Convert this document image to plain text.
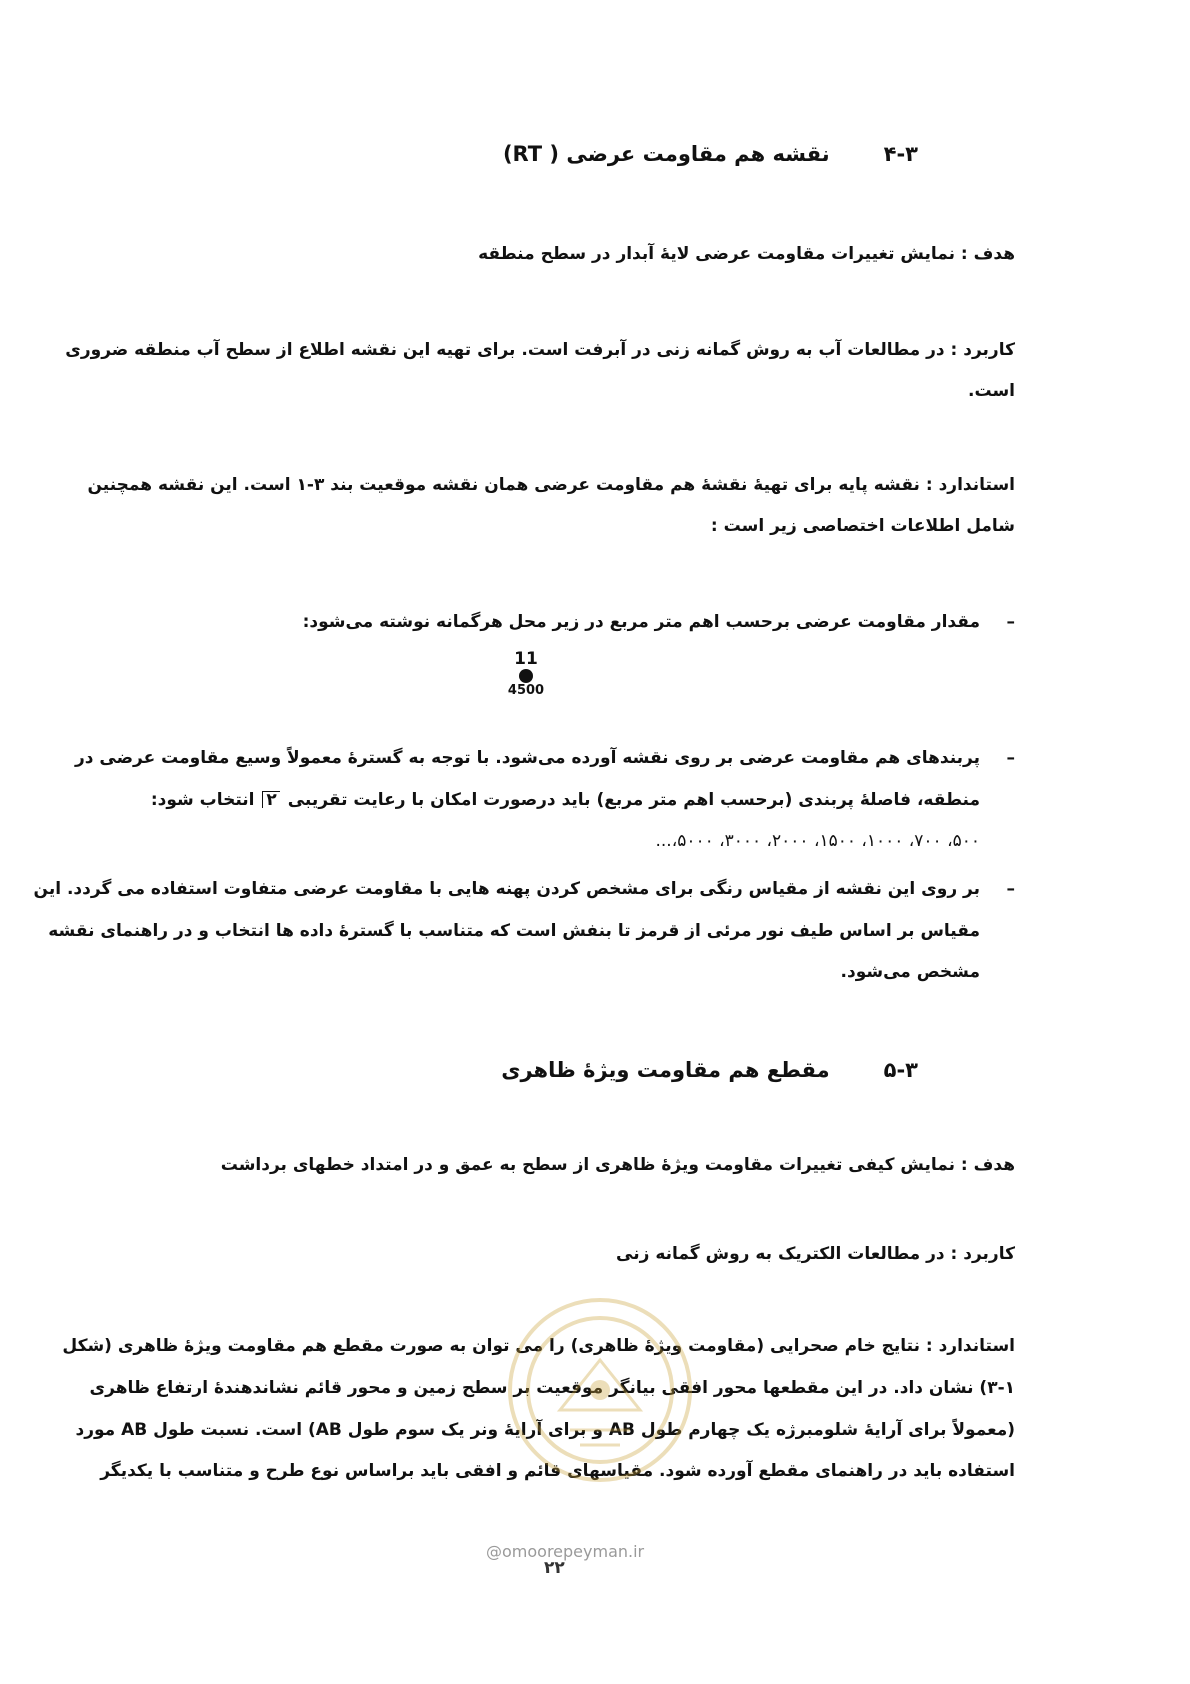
۴-۳نقشه هم مقاومت عرضی ( RT)
هدف : نمایش تغییرات مقاومت عرضی لایۀ آبدار در سطح منطقه
کاربرد : در مطالعات آب به روش گمانه زنی در آبرفت است. برای تهیه این نقشه اطلاع از سطح آب منطقه ضروری
است.
استاندارد : نقشه پایه برای تهیۀ نقشۀ هم مقاومت عرضی همان نقشه موقعیت بند ۳-۱ است. این نقشه همچنین
شامل اطلاعات اختصاصی زیر است :
–
مقدار مقاومت عرضی برحسب اهم متر مربع در زیر محل هرگمانه نوشته می‌شود:
11
4500
–
پربندهای هم مقاومت عرضی بر روی نقشه آورده می‌شود. با توجه به گسترۀ معمولاً وسیع مقاومت عرضی در
منطقه، فاصلۀ پربندی (برحسب اهم متر مربع) باید درصورت امکان با رعایت تقریبی ۲ انتخاب شود:
۵۰۰، ۷۰۰، ۱۰۰۰، ۱۵۰۰، ۲۰۰۰، ۳۰۰۰، ۵۰۰۰،...
–
بر روی این نقشه از مقیاس رنگی برای مشخص کردن پهنه هایی با مقاومت عرضی متفاوت استفاده می گردد. این
مقیاس بر اساس طیف نور مرئی از قرمز تا بنفش است که متناسب با گسترۀ داده ها انتخاب و در راهنمای نقشه
مشخص می‌شود.
۵-۳مقطع هم مقاومت ویژۀ ظاهری
هدف : نمایش کیفی تغییرات مقاومت ویژۀ ظاهری از سطح به عمق و در امتداد خطهای برداشت
کاربرد : در مطالعات الکتریک به روش گمانه زنی
استاندارد : نتایج خام صحرایی (مقاومت ویژۀ ظاهری) را می توان به صورت مقطع هم مقاومت ویژۀ ظاهری (شکل
۳-۱) نشان داد. در این مقطعها محور افقی بیانگر موقعیت بر سطح زمین و محور قائم نشاندهندۀ ارتفاع ظاهری
(معمولاً برای آرایۀ شلومبرژه یک چهارم طول AB و برای آرایۀ ونر یک سوم طول AB) است. نسبت طول AB مورد
استفاده باید در راهنمای مقطع آورده شود. مقیاسهای قائم و افقی باید براساس نوع طرح و متناسب با یکدیگر
@omoorepeyman.ir
۲۲
